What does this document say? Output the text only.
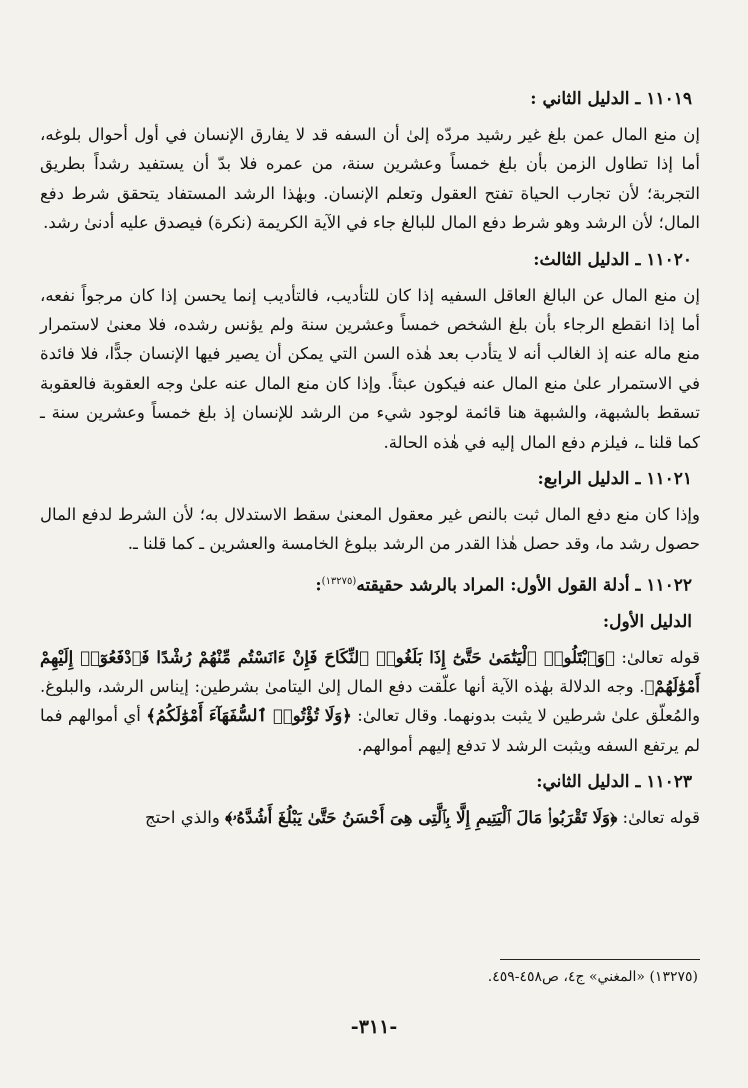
١١٠١٩ ـ الدليل الثاني :

إن منع المال عمن بلغ غير رشيد مردّه إلىٰ أن السفه قد لا يفارق الإنسان في أول أحوال بلوغه، أما إذا تطاول الزمن بأن بلغ خمساً وعشرين سنة، من عمره فلا بدّ أن يستفيد رشداً بطريق التجربة؛ لأن تجارب الحياة تفتح العقول وتعلم الإنسان. وبهٰذا الرشد المستفاد يتحقق شرط دفع المال؛ لأن الرشد وهو شرط دفع المال للبالغ جاء في الآية الكريمة (نكرة) فيصدق عليه أدنىٰ رشد.

١١٠٢٠ ـ الدليل الثالث:

إن منع المال عن البالغ العاقل السفيه إذا كان للتأديب، فالتأديب إنما يحسن إذا كان مرجواً نفعه، أما إذا انقطع الرجاء بأن بلغ الشخص خمساً وعشرين سنة ولم يؤنس رشده، فلا معنىٰ لاستمرار منع ماله عنه إذ الغالب أنه لا يتأدب بعد هٰذه السن التي يمكن أن يصير فيها الإنسان جدًّا، فلا فائدة في الاستمرار علىٰ منع المال عنه فيكون عبثاً. وإذا كان منع المال عنه علىٰ وجه العقوبة فالعقوبة تسقط بالشبهة، والشبهة هنا قائمة لوجود شيء من الرشد للإنسان إذ بلغ خمساً وعشرين سنة ـ كما قلنا ـ، فيلزم دفع المال إليه في هٰذه الحالة.

١١٠٢١ ـ الدليل الرابع:

وإذا كان منع دفع المال ثبت بالنص غير معقول المعنىٰ سقط الاستدلال به؛ لأن الشرط لدفع المال حصول رشد ما، وقد حصل هٰذا القدر من الرشد ببلوغ الخامسة والعشرين ـ كما قلنا ـ.

١١٠٢٢ ـ أدلة القول الأول: المراد بالرشد حقيقته$^{(١٣٢٧٥)}$:
الدليل الأول:

قوله تعالىٰ: ﴿وَٱبْتَلُوا۟ ٱلْيَتَٰمَىٰ حَتَّىٰٓ إِذَا بَلَغُوا۟ ٱلنِّكَاحَ فَإِنْ ءَانَسْتُم مِّنْهُمْ رُشْدًا فَٱدْفَعُوٓا۟ إِلَيْهِمْ أَمْوَٰلَهُمْ﴾. وجه الدلالة بهٰذه الآية أنها علّقت دفع المال إلىٰ اليتامىٰ بشرطين: إيناس الرشد، والبلوغ. والمُعلّق علىٰ شرطين لا يثبت بدونهما. وقال تعالىٰ: ﴿وَلَا تُؤْتُوا۟ ٱلسُّفَهَآءَ أَمْوَٰلَكُمُ﴾ أي أموالهم فما لم يرتفع السفه ويثبت الرشد لا تدفع إليهم أموالهم.

١١٠٢٣ ـ الدليل الثاني:

قوله تعالىٰ: ﴿وَلَا تَقْرَبُوا۟ مَالَ ٱلْيَتِيمِ إِلَّا بِٱلَّتِى هِىَ أَحْسَنُ حَتَّىٰ يَبْلُغَ أَشُدَّهُۥ﴾ والذي احتج

(١٣٢٧٥) «المغني» ج٤، ص٤٥٨-٤٥٩.
-٣١١-
